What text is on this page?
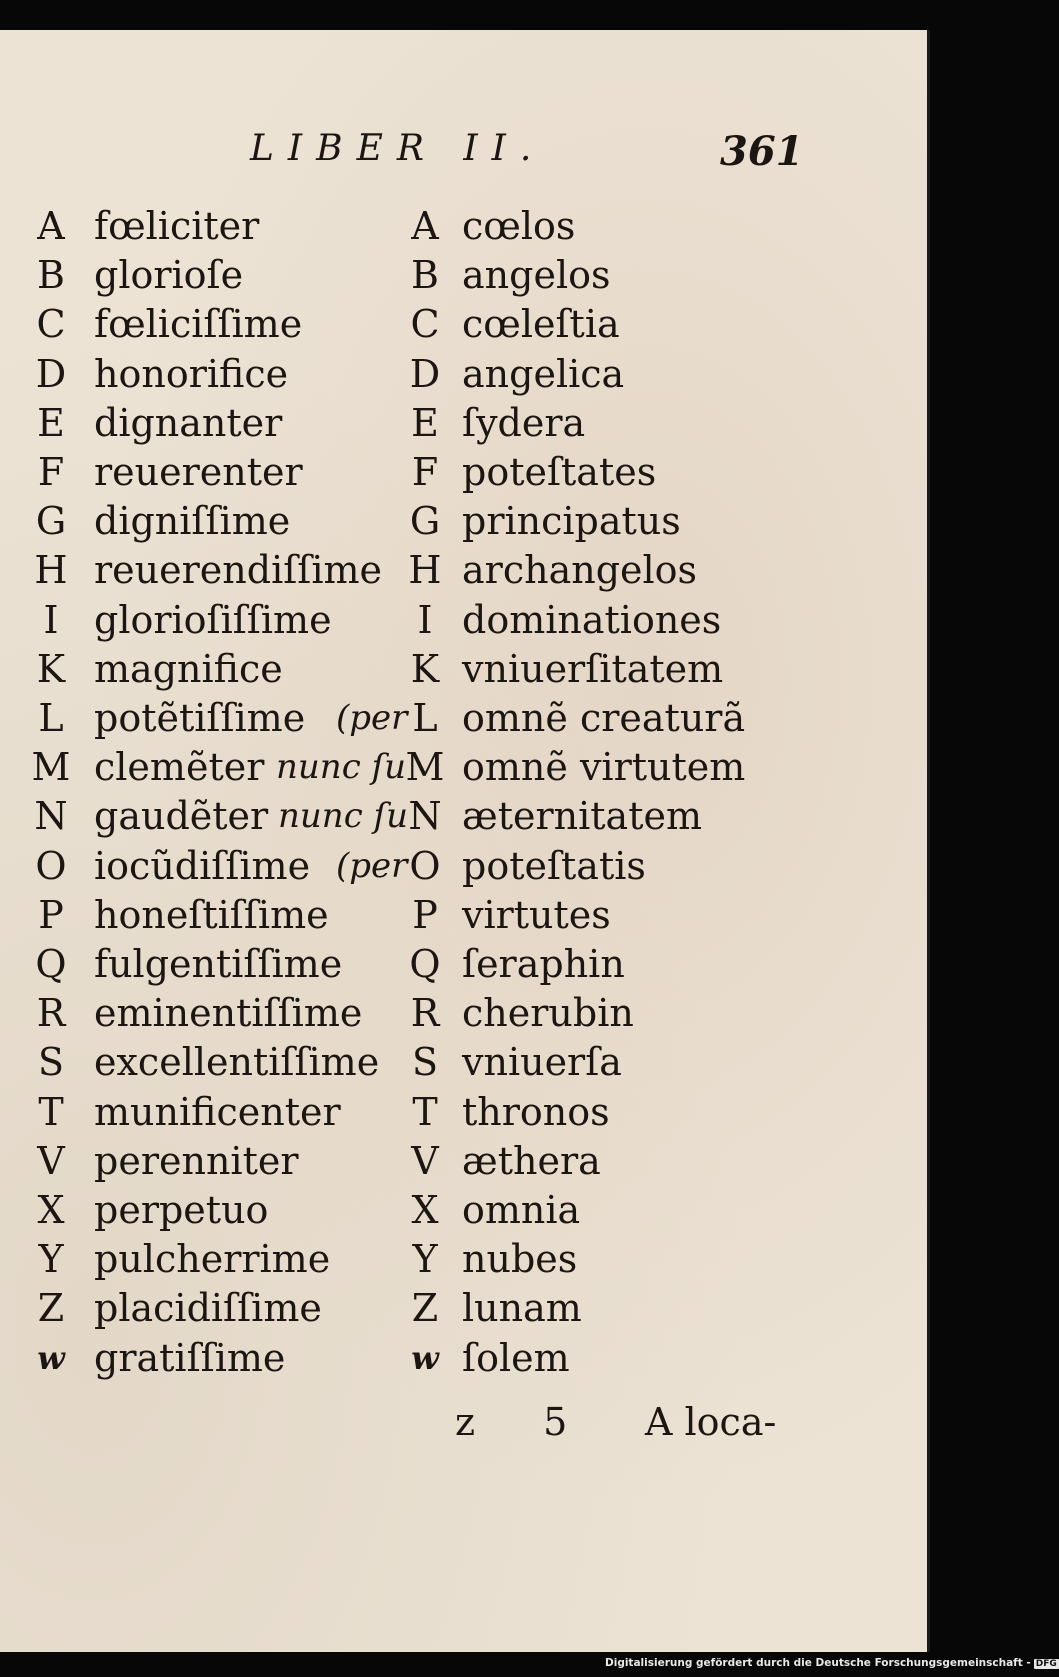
LIBER II.	361
A fœliciter
B glorioſe
C fœliciſſime
D honorifice
E dignanter
F reuerenter
G digniſſime
H reuerendiſſime
I glorioſiſſime
K magnifice
L potẽtiſſime
M clemẽter
N gaudẽter
O iocũdiſſime
P honeſtiſſime
Q fulgentiſſime
R eminentiſſime
S excellentiſſime
T munificenter
V perenniter
X perpetuo
Y pulcherrime
Z placidiſſime
w gratiſſime
A cœlos
B angelos
C cœleſtia
D angelica
E ſydera
F poteſtates
G principatus
H archangelos
I dominationes
K vniuerſitatem
L omnẽ creaturã
M omnẽ virtutem
N æternitatem
O poteſtatis
P virtutes
Q ſeraphin
R cherubin
S vniuerſa
T thronos
V æthera
X omnia
Y nubes
Z lunam
w ſolem
(per
nunc ſu
nunc ſu
(per
z 5 A loca-
Digitalisierung gefördert durch die Deutsche Forschungsgemeinschaft - DFG
